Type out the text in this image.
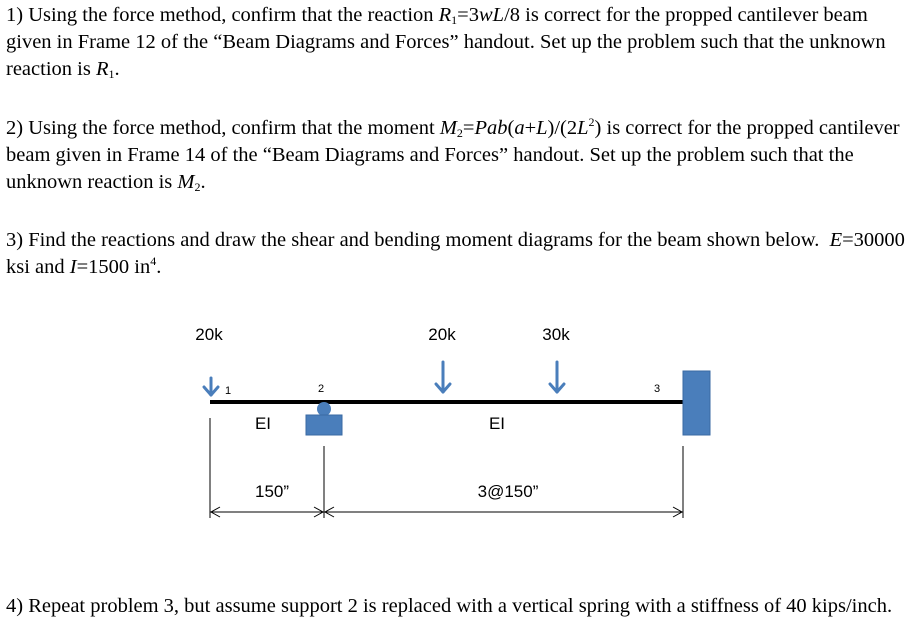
1) Using the force method, confirm that the reaction $R_1=3wL/8$ is correct for the propped cantilever beam given in Frame 12 of the “Beam Diagrams and Forces” handout. Set up the problem such that the unknown reaction is $R_1$.

2) Using the force method, confirm that the moment $M_2=Pab(a+L)/(2L^2)$ is correct for the propped cantilever beam given in Frame 14 of the “Beam Diagrams and Forces” handout. Set up the problem such that the unknown reaction is $M_2$.

3) Find the reactions and draw the shear and bending moment diagrams for the beam shown below. E=30000 ksi and I=1500 $in^4$.

20k	20k	30k
1	2	3
EI	EI
150”	3@150”

4) Repeat problem 3, but assume support 2 is replaced with a vertical spring with a stiffness of 40 kips/inch.
